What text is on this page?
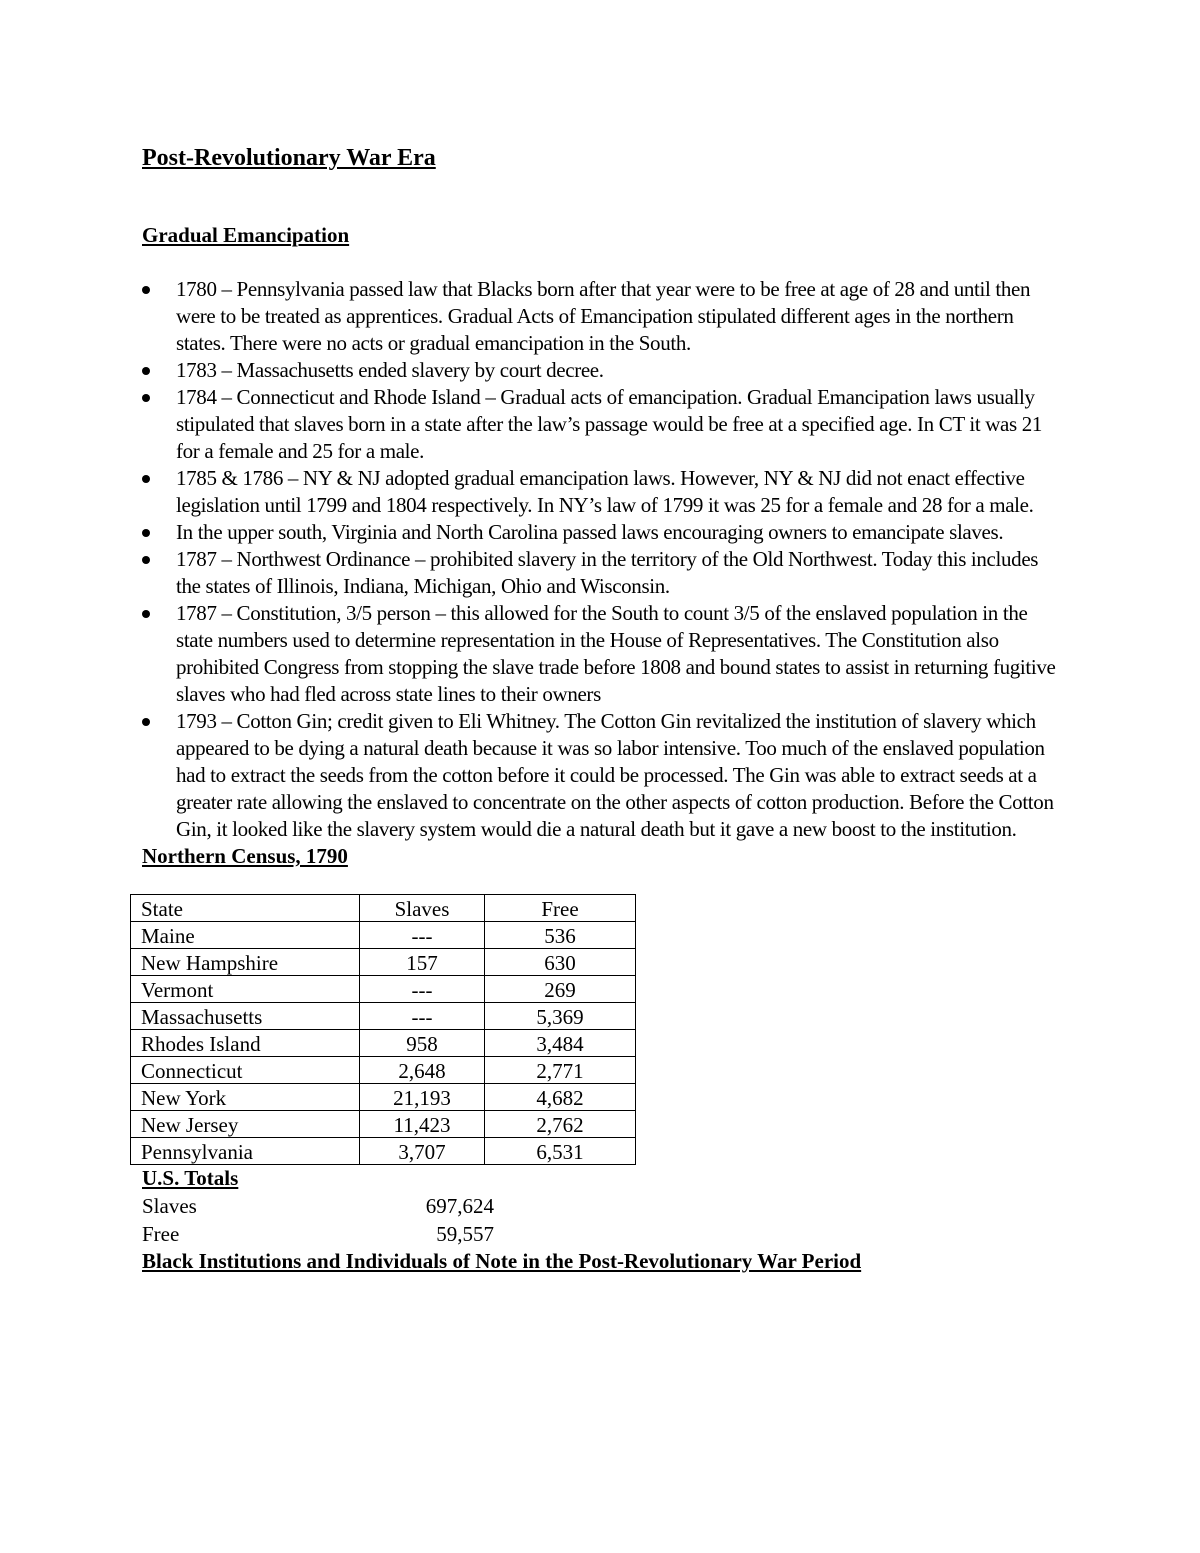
Post-Revolutionary War Era
Gradual Emancipation
1780 – Pennsylvania passed law that Blacks born after that year were to be free at age of 28 and until then were to be treated as apprentices. Gradual Acts of Emancipation stipulated different ages in the northern states. There were no acts or gradual emancipation in the South.
1783 – Massachusetts ended slavery by court decree.
1784 – Connecticut and Rhode Island – Gradual acts of emancipation. Gradual Emancipation laws usually stipulated that slaves born in a state after the law’s passage would be free at a specified age. In CT it was 21 for a female and 25 for a male.
1785 & 1786 – NY & NJ adopted gradual emancipation laws. However, NY & NJ did not enact effective legislation until 1799 and 1804 respectively. In NY’s law of 1799 it was 25 for a female and 28 for a male.
In the upper south, Virginia and North Carolina passed laws encouraging owners to emancipate slaves.
1787 – Northwest Ordinance – prohibited slavery in the territory of the Old Northwest. Today this includes the states of Illinois, Indiana, Michigan, Ohio and Wisconsin.
1787 – Constitution, 3/5 person – this allowed for the South to count 3/5 of the enslaved population in the state numbers used to determine representation in the House of Representatives. The Constitution also prohibited Congress from stopping the slave trade before 1808 and bound states to assist in returning fugitive slaves who had fled across state lines to their owners
1793 – Cotton Gin; credit given to Eli Whitney. The Cotton Gin revitalized the institution of slavery which appeared to be dying a natural death because it was so labor intensive. Too much of the enslaved population had to extract the seeds from the cotton before it could be processed. The Gin was able to extract seeds at a greater rate allowing the enslaved to concentrate on the other aspects of cotton production. Before the Cotton Gin, it looked like the slavery system would die a natural death but it gave a new boost to the institution.
Northern Census, 1790
State	Slaves	Free
Maine	---	536
New Hampshire	157	630
Vermont	---	269
Massachusetts	---	5,369
Rhodes Island	958	3,484
Connecticut	2,648	2,771
New York	21,193	4,682
New Jersey	11,423	2,762
Pennsylvania	3,707	6,531
U.S. Totals
Slaves	697,624
Free	59,557
Black Institutions and Individuals of Note in the Post-Revolutionary War Period
